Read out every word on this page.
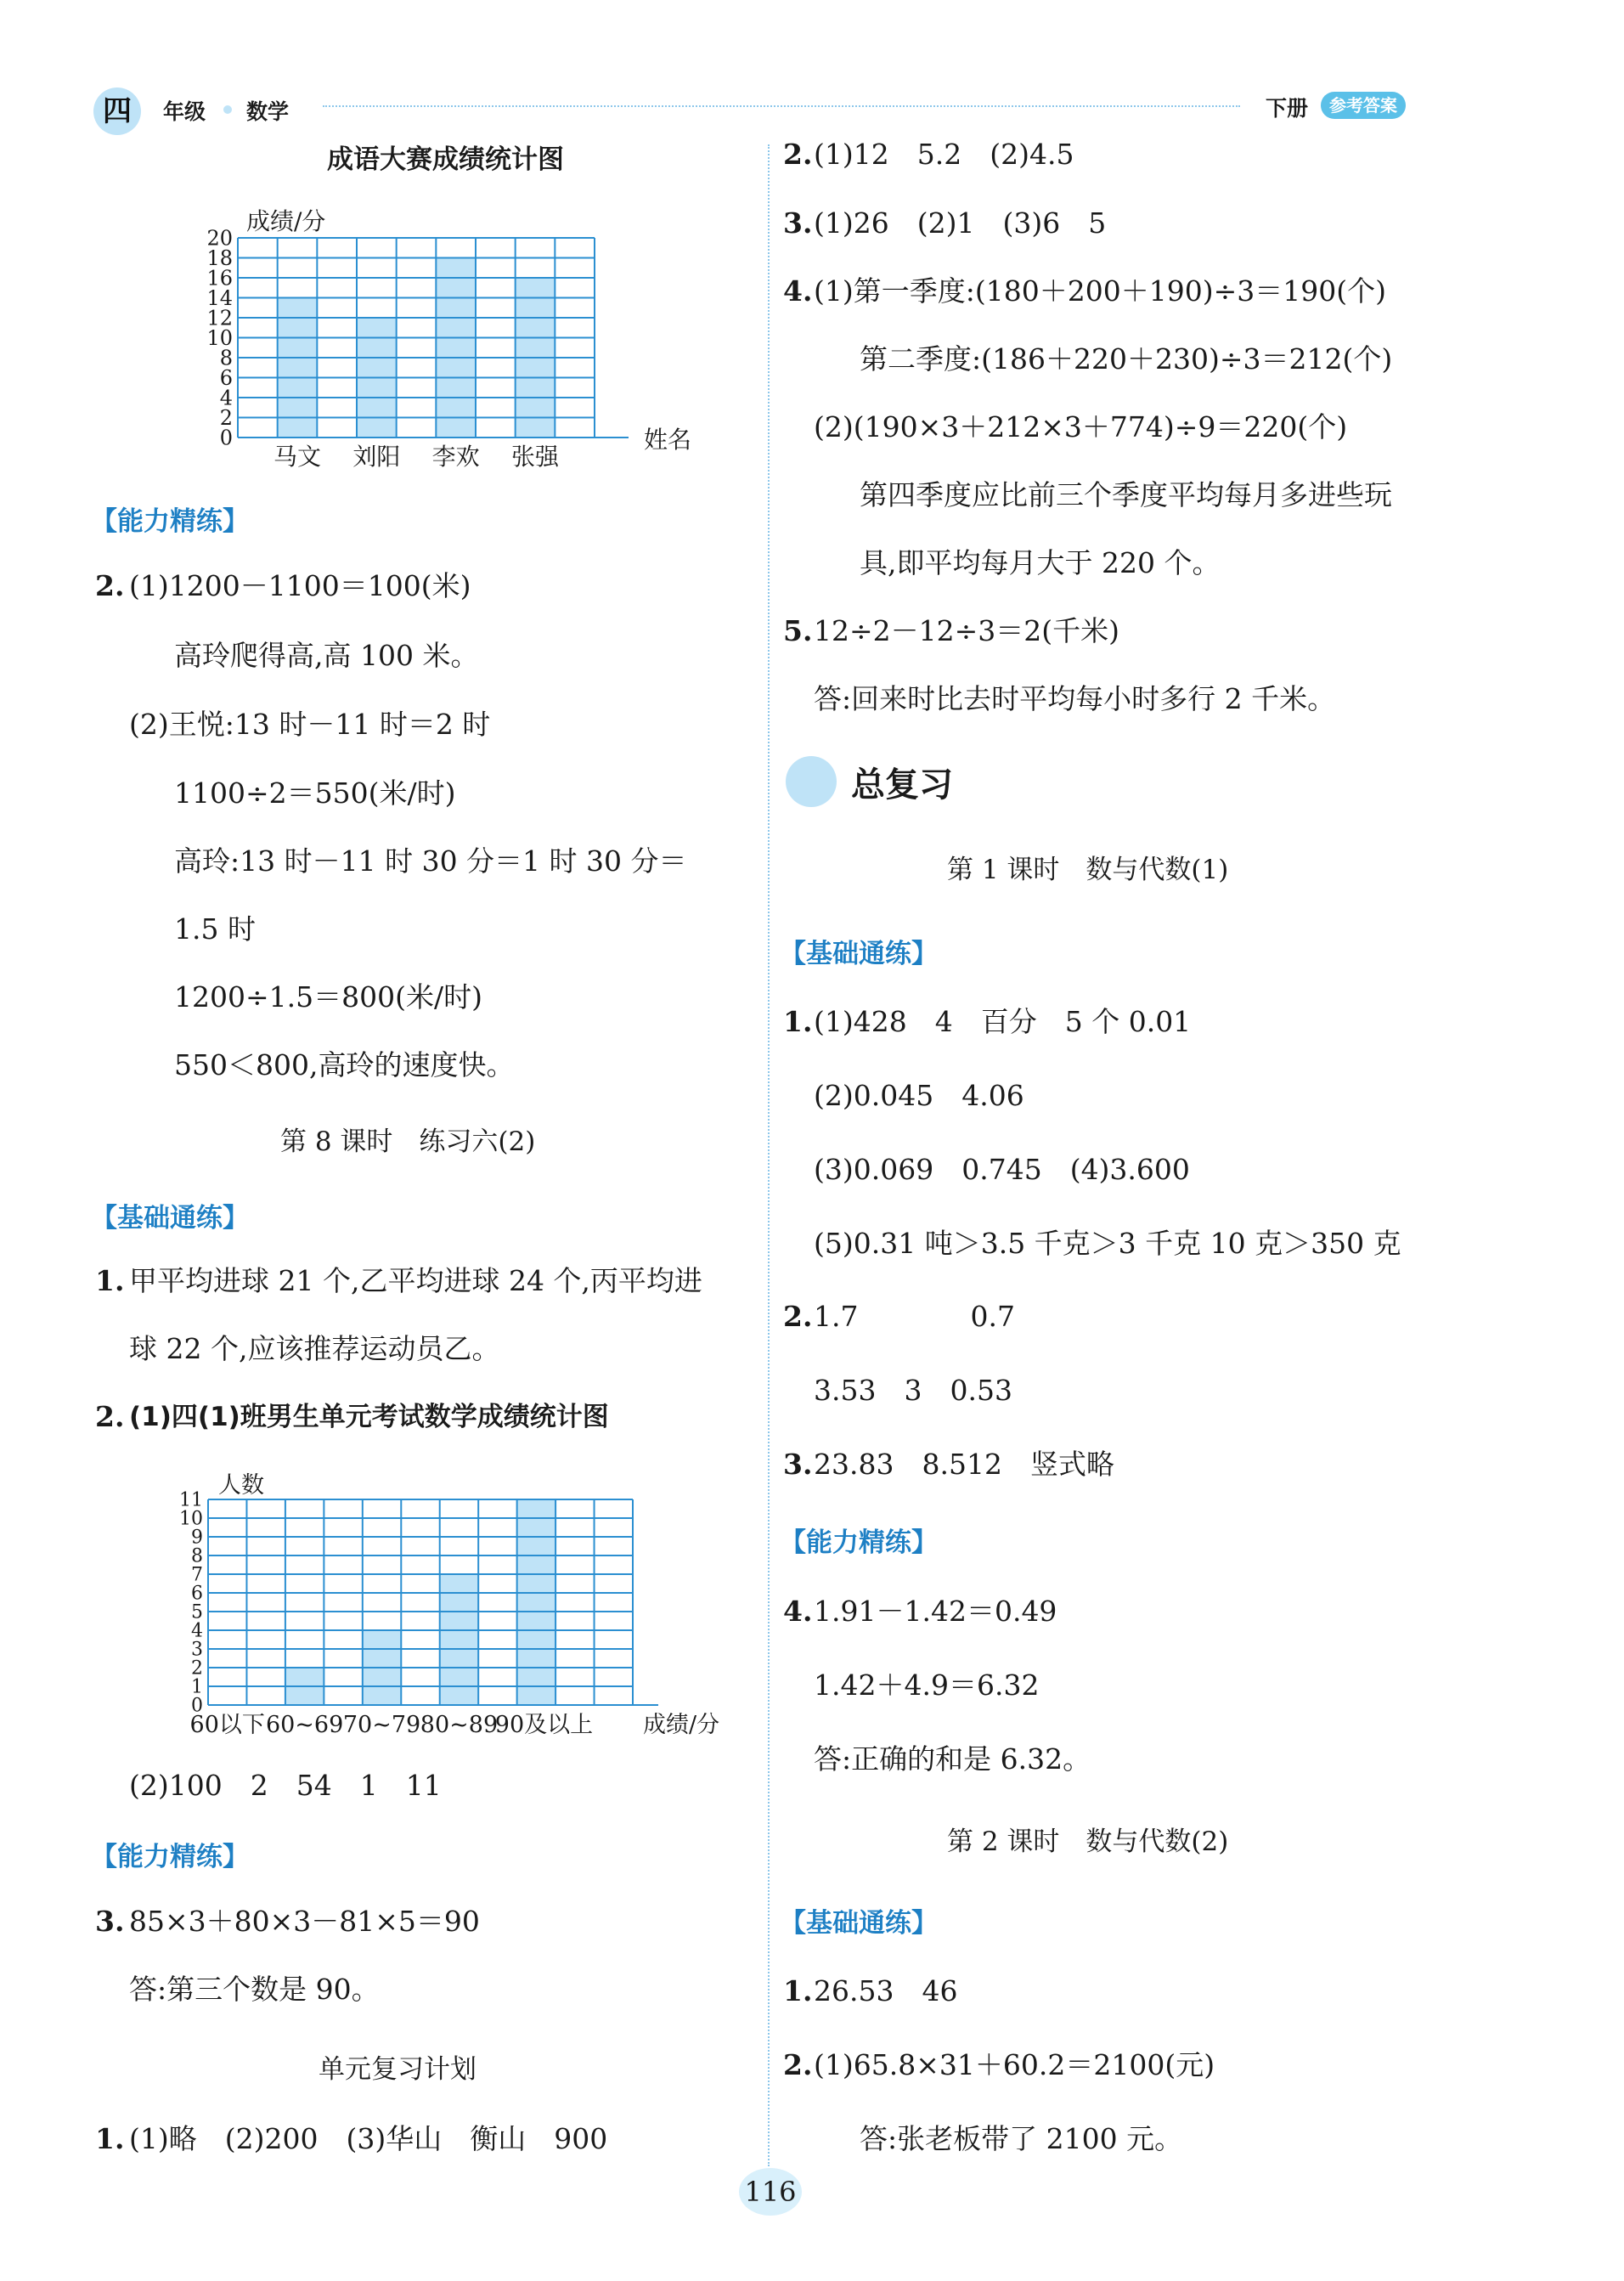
四	年级 数学	下册	参考答案
成语大赛成绩统计图
0
2
4
6
8
10
12
14
16
18
20
马文 刘阳 李欢 张强
成绩/分
姓名
【能力精练】
2. (1)1200－1100＝100(米)
高玲爬得高,高 100 米。
(2)王悦:13 时－11 时＝2 时
1100÷2＝550(米/时)
高玲:13 时－11 时 30 分＝1 时 30 分＝
1.5 时
1200÷1.5＝800(米/时)
550＜800,高玲的速度快。
第 8 课时　练习六(2)
【基础通练】
1. 甲平均进球 21 个,乙平均进球 24 个,丙平均进
球 22 个,应该推荐运动员乙。
2. (1)四(1)班男生单元考试数学成绩统计图
0
1
2
3
4
5
6
7
8
9
10
11
60以下 60~69 70~79 80~89
90及以上
人数
成绩/分
(2)100　2　54　1　11
【能力精练】
3. 85×3＋80×3－81×5＝90
答:第三个数是 90。
单元复习计划
1. (1)略　(2)200　(3)华山　衡山　900
2. (1)12　5.2　(2)4.5
3. (1)26　(2)1　(3)6　5
4. (1)第一季度:(180＋200＋190)÷3＝190(个)
第二季度:(186＋220＋230)÷3＝212(个)
(2)(190×3＋212×3＋774)÷9＝220(个)
第四季度应比前三个季度平均每月多进些玩
具,即平均每月大于 220 个。
5. 12÷2－12÷3＝2(千米)
答:回来时比去时平均每小时多行 2 千米。
总复习
第 1 课时　数与代数(1)
【基础通练】
1. (1)428　4　百分　5 个 0.01
(2)0.045　4.06
(3)0.069　0.745　(4)3.600
(5)0.31 吨＞3.5 千克＞3 千克 10 克＞350 克
2. 1.7　　　　0.7
3.53　3　0.53
3. 23.83　8.512　竖式略
【能力精练】
4. 1.91－1.42＝0.49
1.42＋4.9＝6.32
答:正确的和是 6.32。
第 2 课时　数与代数(2)
【基础通练】
1. 26.53　46
2. (1)65.8×31＋60.2＝2100(元)
答:张老板带了 2100 元。
116
